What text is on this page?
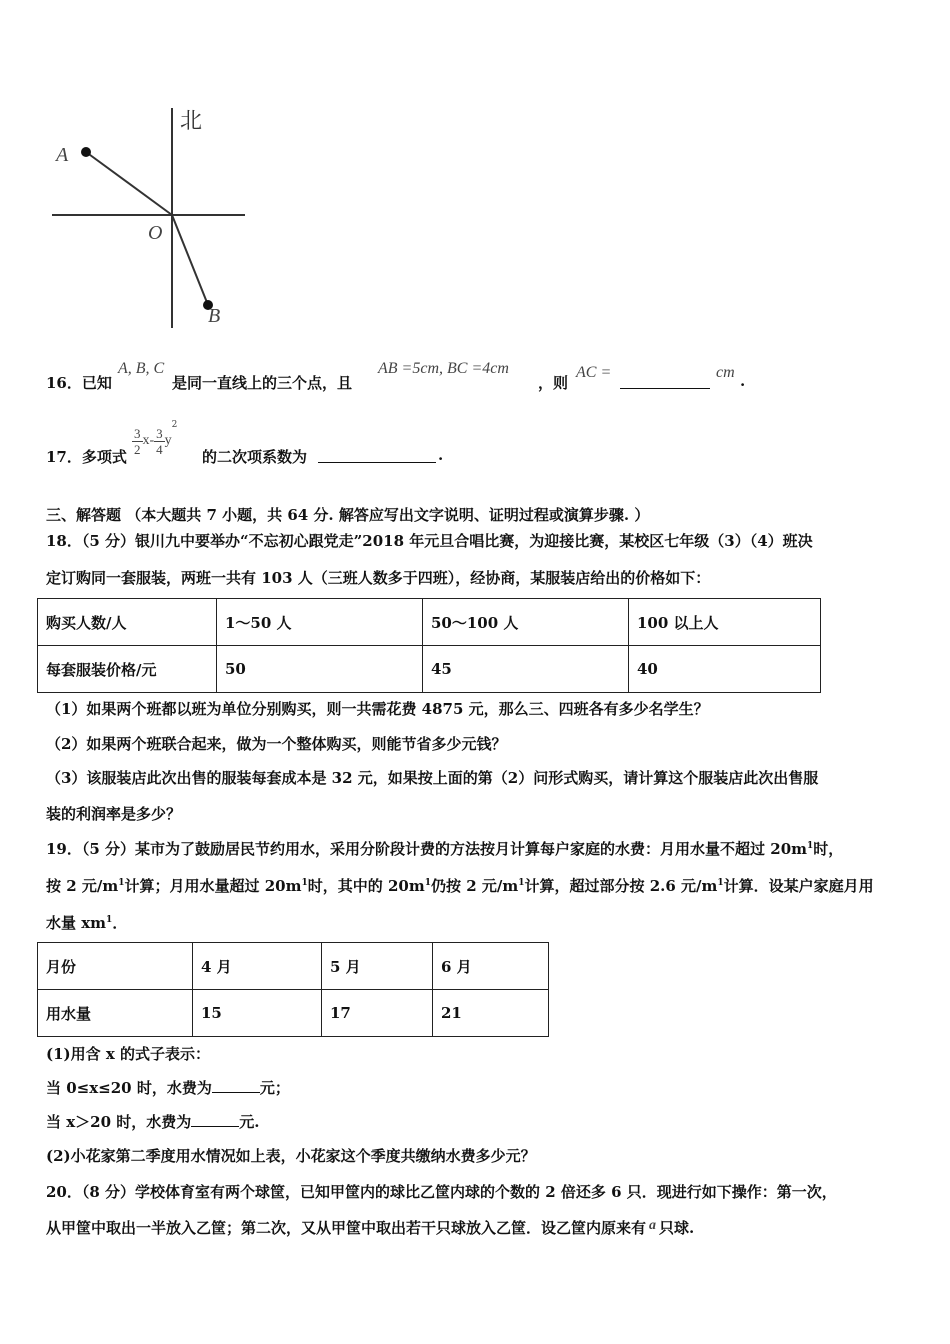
北
A
O
B
16．已知
A, B, C
是同一直线上的三个点，且
AB =5cm, BC =4cm
，则
AC =	cm .
17．多项式
$\frac{3}{2} x- \frac{3}{4} y^2$
的二次项系数为	.
三、解答题 （本大题共 7 小题，共 64 分. 解答应写出文字说明、证明过程或演算步骤. ）
18．（5 分）银川九中要举办“不忘初心跟党走”2018 年元旦合唱比赛，为迎接比赛，某校区七年级（3）（4）班决
定订购同一套服装，两班一共有 103 人（三班人数多于四班），经协商，某服装店给出的价格如下：
购买人数/人	1～50 人	50～100 人	100 以上人
每套服装价格/元	50	45	40
（1）如果两个班都以班为单位分别购买，则一共需花费 4875 元，那么三、四班各有多少名学生？
（2）如果两个班联合起来，做为一个整体购买，则能节省多少元钱？
（3）该服装店此次出售的服装每套成本是 32 元，如果按上面的第（2）问形式购买，请计算这个服装店此次出售服
装的利润率是多少？
19．（5 分）某市为了鼓励居民节约用水，采用分阶段计费的方法按月计算每户家庭的水费：月用水量不超过 $20m^1$时，
按 2 元$/m^1$计算；月用水量超过 $20m^1$时，其中的 $20m^1$仍按 2 元$/m^1$计算，超过部分按 2.6 元$/m^1$计算．设某户家庭月用
水量 $xm^1$．
月份	4 月	5 月	6 月
用水量	15	17	21
(1)用含 x 的式子表示：
当 0≤x≤20 时，水费为	元；
当 x＞20 时，水费为	元.
(2)小花家第二季度用水情况如上表，小花家这个季度共缴纳水费多少元？
20．（8 分）学校体育室有两个球筐，已知甲筐内的球比乙筐内球的个数的 2 倍还多 6 只．现进行如下操作：第一次，
从甲筐中取出一半放入乙筐；第二次，又从甲筐中取出若干只球放入乙筐．设乙筐内原来有 a 只球.
